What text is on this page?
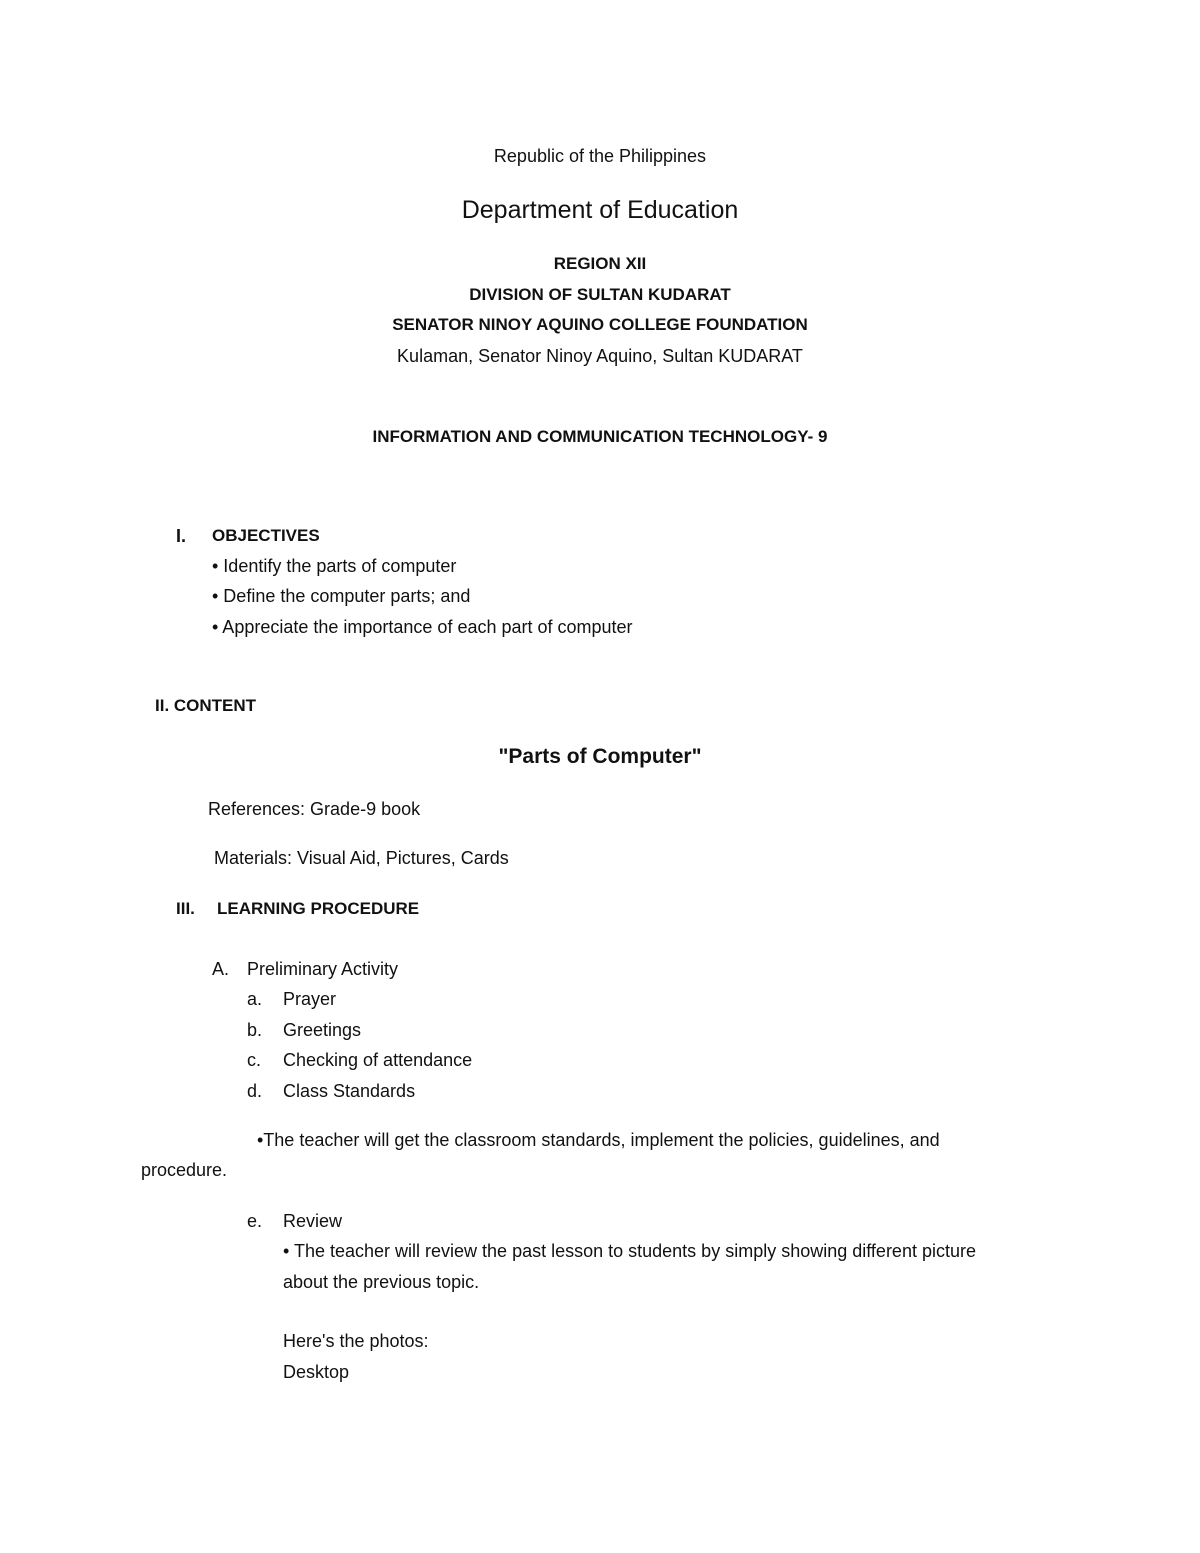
Republic of the Philippines

Department of Education

REGION XII

DIVISION OF SULTAN KUDARAT

SENATOR NINOY AQUINO COLLEGE FOUNDATION

Kulaman, Senator Ninoy Aquino, Sultan KUDARAT

INFORMATION AND COMMUNICATION TECHNOLOGY- 9

I. OBJECTIVES

• Identify the parts of computer

• Define the computer parts; and

• Appreciate the importance of each part of computer

II. CONTENT

"Parts of Computer"

References: Grade-9 book

Materials: Visual Aid, Pictures, Cards

III. LEARNING PROCEDURE

A. Preliminary Activity

a. Prayer

b. Greetings

c. Checking of attendance

d. Class Standards

•The teacher will get the classroom standards, implement the policies, guidelines, and

procedure.

e. Review

• The teacher will review the past lesson to students by simply showing different picture

about the previous topic.

Here's the photos:

Desktop
